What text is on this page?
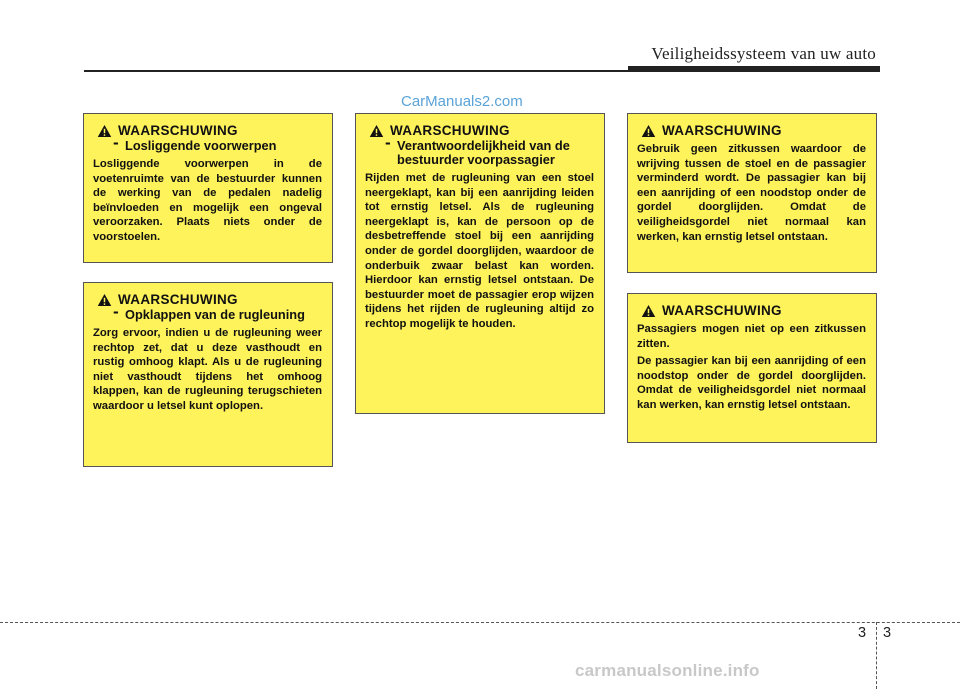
Veiligheidssysteem van uw auto
CarManuals2.com
WAARSCHUWING
- Losliggende voorwerpen

Losliggende voorwerpen in de voetenruimte van de bestuurder kunnen de werking van de pedalen nadelig beïnvloeden en mogelijk een ongeval veroorzaken. Plaats niets onder de voorstoelen.

WAARSCHUWING
- Opklappen van de rugleuning

Zorg ervoor, indien u de rugleuning weer rechtop zet, dat u deze vasthoudt en rustig omhoog klapt. Als u de rugleuning niet vasthoudt tijdens het omhoog klappen, kan de rugleuning terugschieten waardoor u letsel kunt oplopen.

WAARSCHUWING
- Verantwoordelijkheid van de bestuurder voorpassagier

Rijden met de rugleuning van een stoel neergeklapt, kan bij een aanrijding leiden tot ernstig letsel. Als de rugleuning neergeklapt is, kan de persoon op de desbetreffende stoel bij een aanrijding onder de gordel doorglijden, waardoor de onderbuik zwaar belast kan worden. Hierdoor kan ernstig letsel ontstaan. De bestuurder moet de passagier erop wijzen tijdens het rijden de rugleuning altijd zo rechtop mogelijk te houden.

WAARSCHUWING

Gebruik geen zitkussen waardoor de wrijving tussen de stoel en de passagier verminderd wordt. De passagier kan bij een aanrijding of een noodstop onder de gordel doorglijden. Omdat de veiligheidsgordel niet normaal kan werken, kan ernstig letsel ontstaan.

WAARSCHUWING

Passagiers mogen niet op een zitkussen zitten.

De passagier kan bij een aanrijding of een noodstop onder de gordel doorglijden. Omdat de veiligheidsgordel niet normaal kan werken, kan ernstig letsel ontstaan.

3 3
carmanualsonline.info
